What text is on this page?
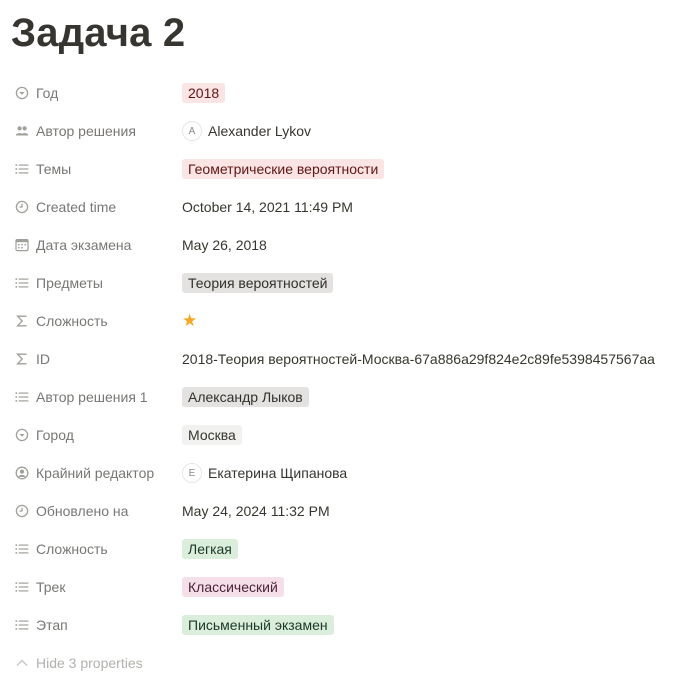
Задача 2
Год	2018
Автор решения	A Alexander Lykov
Темы	Геометрические вероятности
Created time	October 14, 2021 11:49 PM
Дата экзамена	May 26, 2018
Предметы	Теория вероятностей
Сложность	★
ID	2018-Теория вероятностей-Москва-67a886a29f824e2c89fe5398457567aa
Автор решения 1	Александр Лыков
Город	Москва
Крайний редактор	E Екатерина Щипанова
Обновлено на	May 24, 2024 11:32 PM
Сложность	Легкая
Трек	Классический
Этап	Письменный экзамен
Hide 3 properties
